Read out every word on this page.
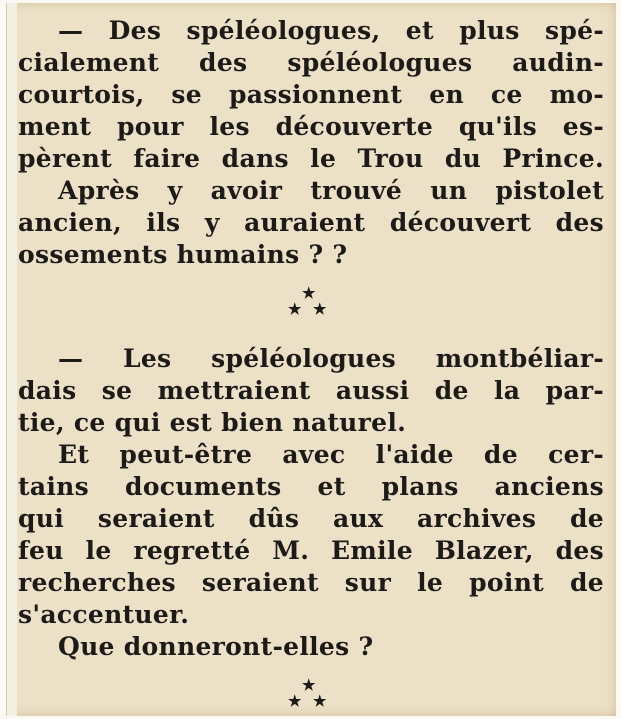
— Des spéléologues, et plus spé-
cialement des spéléologues audin-
courtois, se passionnent en ce mo-
ment pour les découverte qu'ils es-
pèrent faire dans le Trou du Prince.
Après y avoir trouvé un pistolet
ancien, ils y auraient découvert des
ossements humains ? ?
★
★ ★
— Les spéléologues montbéliar-
dais se mettraient aussi de la par-
tie, ce qui est bien naturel.
Et peut-être avec l'aide de cer-
tains documents et plans anciens
qui seraient dûs aux archives de
feu le regretté M. Emile Blazer, des
recherches seraient sur le point de
s'accentuer.
Que donneront-elles ?
★
★ ★
